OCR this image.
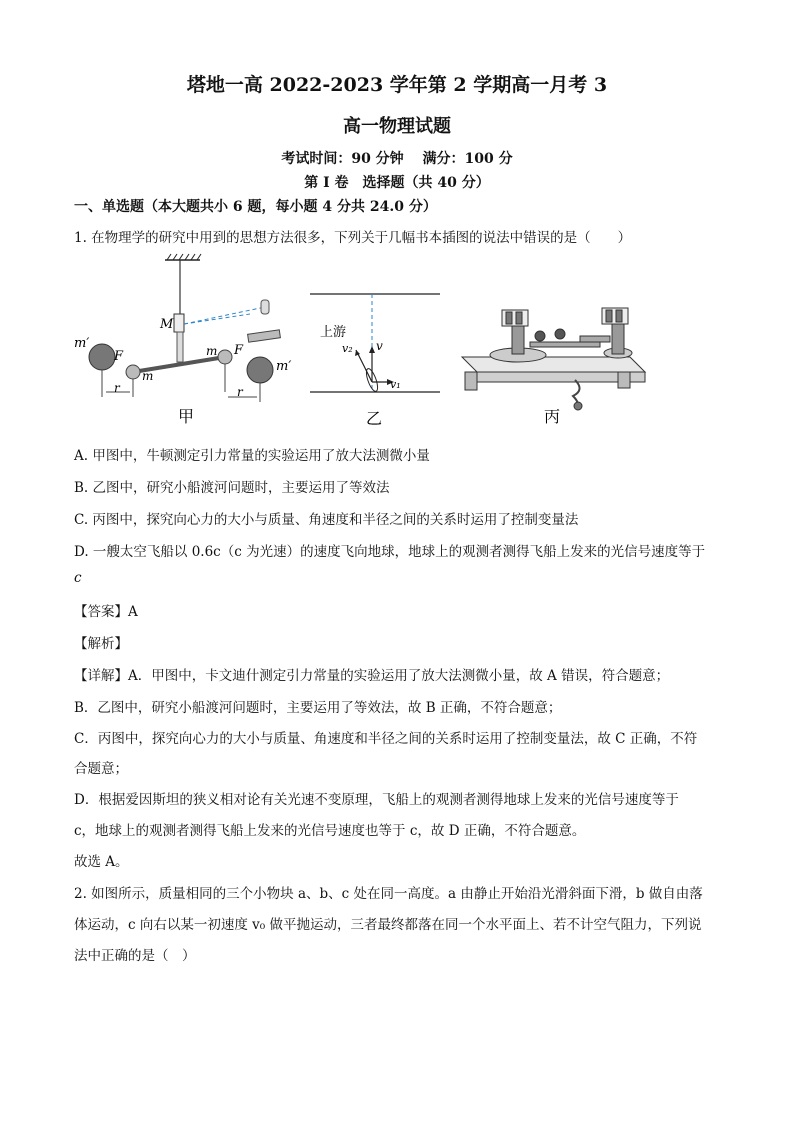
塔地一高 2022-2023 学年第 2 学期高一月考 3
高一物理试题
考试时间：90 分钟　 满分：100 分
第 I 卷　选择题（共 40 分）
一、单选题（本大题共小 6 题，每小题 4 分共 24.0 分）
1. 在物理学的研究中用到的思想方法很多，下列关于几幅书本插图的说法中错误的是（　　）
m′
F
m
r
M
m F
m′
r
甲
上游
v₂ v
v₁
乙	丙
A. 甲图中，牛顿测定引力常量的实验运用了放大法测微小量
B. 乙图中，研究小船渡河问题时，主要运用了等效法
C. 丙图中，探究向心力的大小与质量、角速度和半径之间的关系时运用了控制变量法
D. 一艘太空飞船以 0.6c（c 为光速）的速度飞向地球，地球上的观测者测得飞船上发来的光信号速度等于
c
【答案】A
【解析】
【详解】A．甲图中，卡文迪什测定引力常量的实验运用了放大法测微小量，故 A 错误，符合题意；
B．乙图中，研究小船渡河问题时，主要运用了等效法，故 B 正确，不符合题意；
C．丙图中，探究向心力的大小与质量、角速度和半径之间的关系时运用了控制变量法，故 C 正确，不符
合题意；
D．根据爱因斯坦的狭义相对论有关光速不变原理，飞船上的观测者测得地球上发来的光信号速度等于
c，地球上的观测者测得飞船上发来的光信号速度也等于 c，故 D 正确，不符合题意。
故选 A。
2. 如图所示，质量相同的三个小物块 a、b、c 处在同一高度。a 由静止开始沿光滑斜面下滑，b 做自由落
体运动，c 向右以某一初速度 v₀ 做平抛运动，三者最终都落在同一个水平面上、若不计空气阻力，下列说
法中正确的是（　）
